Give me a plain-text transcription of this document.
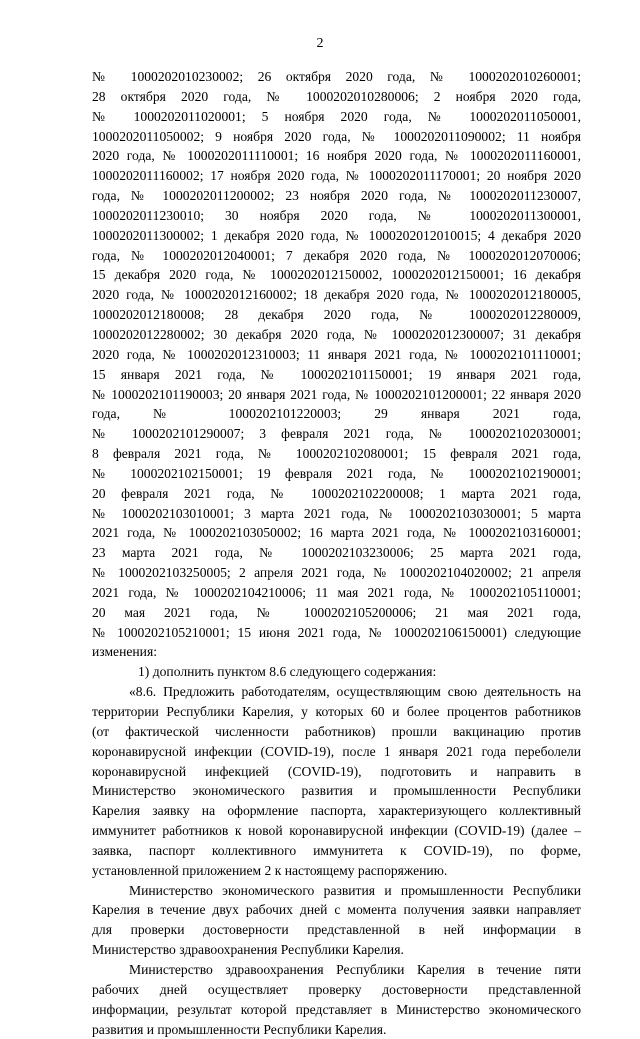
2
№ 1000202010230002; 26 октября 2020 года, № 1000202010260001;
28 октября 2020 года, № 1000202010280006; 2 ноября 2020 года,
№ 1000202011020001; 5 ноября 2020 года, № 1000202011050001,
1000202011050002; 9 ноября 2020 года, № 1000202011090002; 11 ноября
2020 года, № 1000202011110001; 16 ноября 2020 года, № 1000202011160001,
1000202011160002; 17 ноября 2020 года, № 1000202011170001; 20 ноября 2020
года, № 1000202011200002; 23 ноября 2020 года, № 1000202011230007,
1000202011230010; 30 ноября 2020 года, № 1000202011300001,
1000202011300002; 1 декабря 2020 года, № 1000202012010015; 4 декабря 2020
года, № 1000202012040001; 7 декабря 2020 года, № 1000202012070006;
15 декабря 2020 года, № 1000202012150002, 1000202012150001; 16 декабря
2020 года, № 1000202012160002; 18 декабря 2020 года, № 1000202012180005,
1000202012180008; 28 декабря 2020 года, № 1000202012280009,
1000202012280002; 30 декабря 2020 года, № 1000202012300007; 31 декабря
2020 года, № 1000202012310003; 11 января 2021 года, № 1000202101110001;
15 января 2021 года, № 1000202101150001; 19 января 2021 года,
№ 1000202101190003; 20 января 2021 года, № 1000202101200001; 22 января 2020
года, № 1000202101220003; 29 января 2021 года,
№ 1000202101290007; 3 февраля 2021 года, № 1000202102030001;
8 февраля 2021 года, № 1000202102080001; 15 февраля 2021 года,
№ 1000202102150001; 19 февраля 2021 года, № 1000202102190001;
20 февраля 2021 года, № 1000202102200008; 1 марта 2021 года,
№ 1000202103010001; 3 марта 2021 года, № 1000202103030001; 5 марта
2021 года, № 1000202103050002; 16 марта 2021 года, № 1000202103160001;
23 марта 2021 года, № 1000202103230006; 25 марта 2021 года,
№ 1000202103250005; 2 апреля 2021 года, № 1000202104020002; 21 апреля
2021 года, № 1000202104210006; 11 мая 2021 года, № 1000202105110001;
20 мая 2021 года, № 1000202105200006; 21 мая 2021 года,
№ 1000202105210001; 15 июня 2021 года, № 1000202106150001) следующие
изменения:
1) дополнить пунктом 8.6 следующего содержания:
«8.6. Предложить работодателям, осуществляющим свою деятельность на
территории Республики Карелия, у которых 60 и более процентов работников
(от фактической численности работников) прошли вакцинацию против
коронавирусной инфекции (COVID-19), после 1 января 2021 года переболели
коронавирусной инфекцией (COVID-19), подготовить и направить в
Министерство экономического развития и промышленности Республики
Карелия заявку на оформление паспорта, характеризующего коллективный
иммунитет работников к новой коронавирусной инфекции (COVID-19) (далее –
заявка, паспорт коллективного иммунитета к COVID-19), по форме,
установленной приложением 2 к настоящему распоряжению.
Министерство экономического развития и промышленности Республики
Карелия в течение двух рабочих дней с момента получения заявки направляет
для проверки достоверности представленной в ней информации в
Министерство здравоохранения Республики Карелия.
Министерство здравоохранения Республики Карелия в течение пяти
рабочих дней осуществляет проверку достоверности представленной
информации, результат которой представляет в Министерство экономического
развития и промышленности Республики Карелия.
